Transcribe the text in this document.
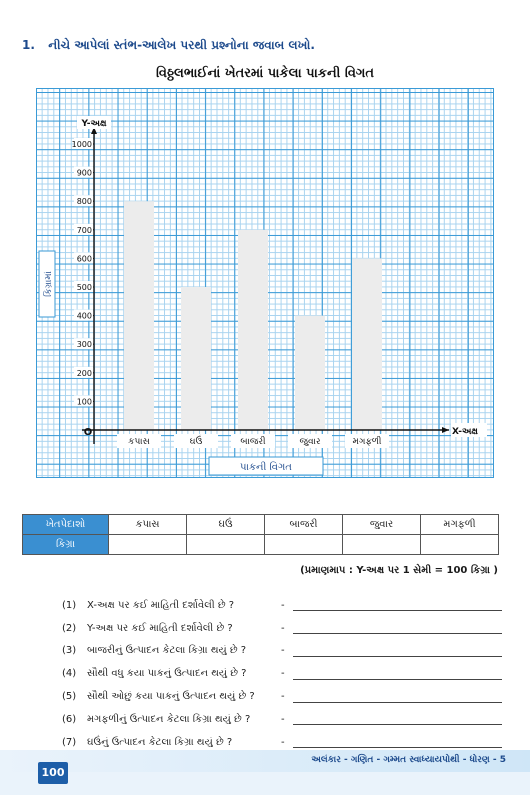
1. નીચે આપેલાં સ્તંભ-આલેખ પરથી પ્રશ્નોના જવાબ લખો.
વિઠ્ઠલભાઈનાં ખેતરમાં પાકેલા પાકની વિગત
કપાસ	ઘઉં	બાજરી	જુવાર	મગફળી
100
200
300
400
500
600
700
800
900
1000
Y-અક્ષ
X-અક્ષ
O
કિગ્રામાં
પાકની વિગત
ખેતપેદાશો	કપાસ	ઘઉં	બાજરી	જુવાર	મગફળી
કિગ્રા					
(પ્રમાણમાપ : Y-અક્ષ પર 1 સેમી = 100 કિગ્રા )
(1)	X-અક્ષ પર કઈ માહિતી દર્શાવેલી છે ?	-
(2)	Y-અક્ષ પર કઈ માહિતી દર્શાવેલી છે ?	-
(3)	બાજરીનું ઉત્પાદન કેટલા કિગ્રા થયું છે ?	-
(4)	સૌથી વધુ કયા પાકનું ઉત્પાદન થયું છે ?	-
(5)	સૌથી ઓછું કયા પાકનું ઉત્પાદન થયું છે ?	-
(6)	મગફળીનું ઉત્પાદન કેટલા કિગ્રા થયું છે ?	-
(7)	ઘઉંનું ઉત્પાદન કેટલા કિગ્રા થયું છે ?	-
અલંકાર - ગણિત - ગમ્મત સ્વાધ્યાયપોથી - ધોરણ - 5
100
